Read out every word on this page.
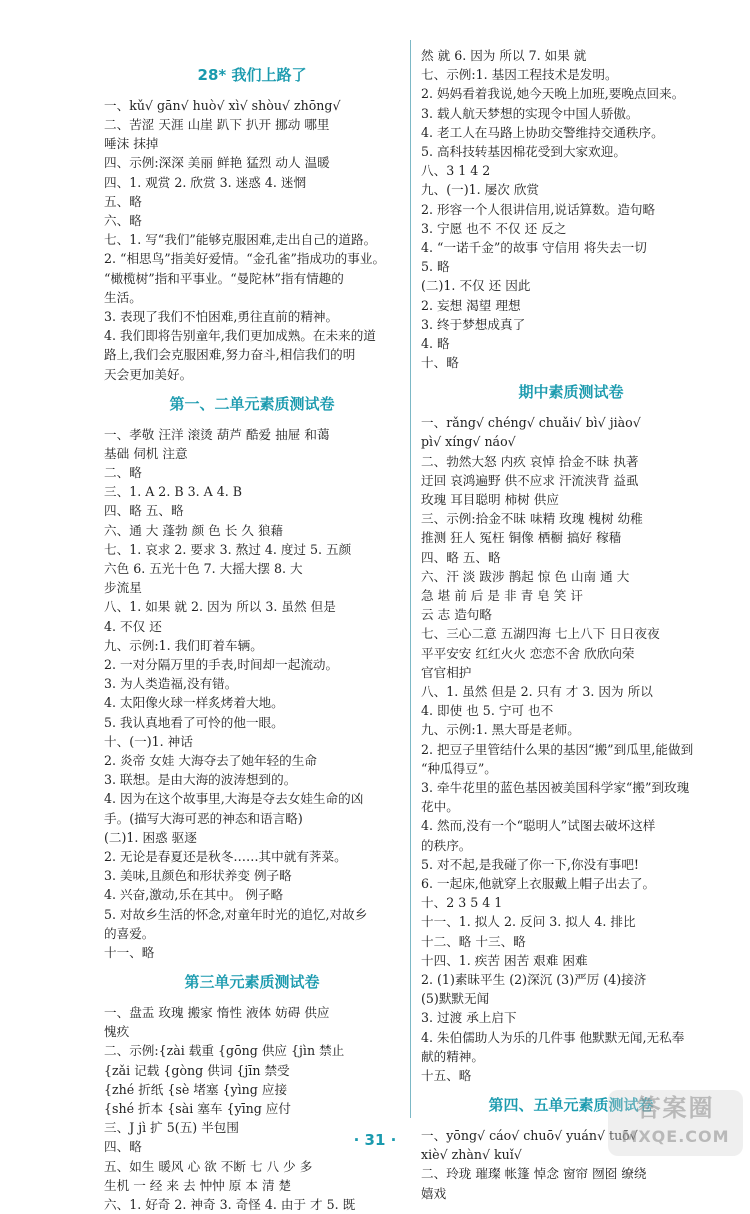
28* 我们上路了
一、kǔ√ gān√ huò√ xì√ shòu√ zhōng√
二、苦涩 天涯 山崖 趴下 扒开 挪动 哪里
唾沫 抹掉
四、示例:深深 美丽 鲜艳 猛烈 动人 温暖
四、1. 观赏 2. 欣赏 3. 迷惑 4. 迷惘
五、略
六、略
七、1. 写“我们”能够克服困难,走出自己的道路。
2. “相思鸟”指美好爱情。“金孔雀”指成功的事业。
“橄榄树”指和平事业。“曼陀林”指有情趣的
生活。
3. 表现了我们不怕困难,勇往直前的精神。
4. 我们即将告别童年,我们更加成熟。在未来的道
路上,我们会克服困难,努力奋斗,相信我们的明
天会更加美好。
第一、二单元素质测试卷
一、孝敬 汪洋 滚烫 葫芦 酷爱 抽屉 和蔼
基础 伺机 注意
二、略
三、1. A 2. B 3. A 4. B
四、略 五、略
六、通 大 蓬勃 颜 色 长 久 狼藉
七、1. 哀求 2. 要求 3. 熬过 4. 度过 5. 五颜
六色 6. 五光十色 7. 大摇大摆 8. 大
步流星
八、1. 如果 就 2. 因为 所以 3. 虽然 但是
4. 不仅 还
九、示例:1. 我们盯着车辆。
2. 一对分隔万里的手表,时间却一起流动。
3. 为人类造福,没有错。
4. 太阳像火球一样炙烤着大地。
5. 我认真地看了可怜的他一眼。
十、(一)1. 神话
2. 炎帝 女娃 大海夺去了她年轻的生命
3. 联想。是由大海的波涛想到的。
4. 因为在这个故事里,大海是夺去女娃生命的凶
手。(描写大海可恶的神态和语言略)
(二)1. 困惑 驱逐
2. 无论是春夏还是秋冬……其中就有荠菜。
3. 美味,且颜色和形状养变 例子略
4. 兴奋,激动,乐在其中。 例子略
5. 对故乡生活的怀念,对童年时光的追忆,对故乡
的喜爱。
十一、略
第三单元素质测试卷
一、盘盂 玫瑰 搬家 惰性 液体 妨碍 供应
愧疚
二、示例:{zài 载重 {gōng 供应 {jìn 禁止
{zǎi 记载 {gòng 供词 {jīn 禁受
{zhé 折纸 {sè 堵塞 {yìng 应接
{shé 折本 {sài 塞车 {yīng 应付
三、J jì 扩 5(五) 半包围
四、略
五、如生 暖风 心 欲 不断 七 八 少 多
生机 一 经 来 去 忡忡 原 本 清 楚
六、1. 好奇 2. 神奇 3. 奇怪 4. 由于 才 5. 既
然 就 6. 因为 所以 7. 如果 就
七、示例:1. 基因工程技术是发明。
2. 妈妈看着我说,她今天晚上加班,要晚点回来。
3. 载人航天梦想的实现令中国人骄傲。
4. 老工人在马路上协助交警维持交通秩序。
5. 高科技转基因棉花受到大家欢迎。
八、3 1 4 2
九、(一)1. 屡次 欣赏
2. 形容一个人很讲信用,说话算数。造句略
3. 宁愿 也不 不仅 还 反之
4. “一诺千金”的故事 守信用 将失去一切
5. 略
(二)1. 不仅 还 因此
2. 妄想 渴望 理想
3. 终于梦想成真了
4. 略
十、略
期中素质测试卷
一、rǎng√ chéng√ chuǎi√ bì√ jiào√
pì√ xíng√ náo√
二、勃然大怒 内疚 哀悼 拾金不昧 执著
迂回 哀鸿遍野 供不应求 汗流浃背 益虱
玫瑰 耳目聪明 柿树 供应
三、示例:拾金不昧 味精 玫瑰 槐树 幼稚
推测 狂人 冤枉 铜像 栖橱 搞好 稼穑
四、略 五、略
六、汗 淡 跋涉 鹊起 惊 色 山南 通 大
急 堪 前 后 是 非 青 皂 笑 讦
云 志 造句略
七、三心二意 五湖四海 七上八下 日日夜夜
平平安安 红红火火 恋恋不舍 欣欣向荣
官官相护
八、1. 虽然 但是 2. 只有 才 3. 因为 所以
4. 即使 也 5. 宁可 也不
九、示例:1. 黑大哥是老师。
2. 把豆子里管结什么果的基因“搬”到瓜里,能做到
“种瓜得豆”。
3. 牵牛花里的蓝色基因被美国科学家“搬”到玫瑰
花中。
4. 然而,没有一个“聪明人”试图去破坏这样
的秩序。
5. 对不起,是我碰了你一下,你没有事吧!
6. 一起床,他就穿上衣服戴上帽子出去了。
十、2 3 5 4 1
十一、1. 拟人 2. 反问 3. 拟人 4. 排比
十二、略 十三、略
十四、1. 疾苦 困苦 艰难 困难
2. (1)素昧平生 (2)深沉 (3)严厉 (4)接济
(5)默默无闻
3. 过渡 承上启下
4. 朱伯儒助人为乐的几件事 他默默无闻,无私奉
献的精神。
十五、略
第四、五单元素质测试卷
一、yōng√ cáo√ chuō√ yuán√ tuō√
xiè√ zhàn√ kuǐ√
二、玲珑 璀璨 帐篷 悼念 窗帘 囫囵 缭绕
嬉戏
· 31 ·
答案圈
MXQE.COM
